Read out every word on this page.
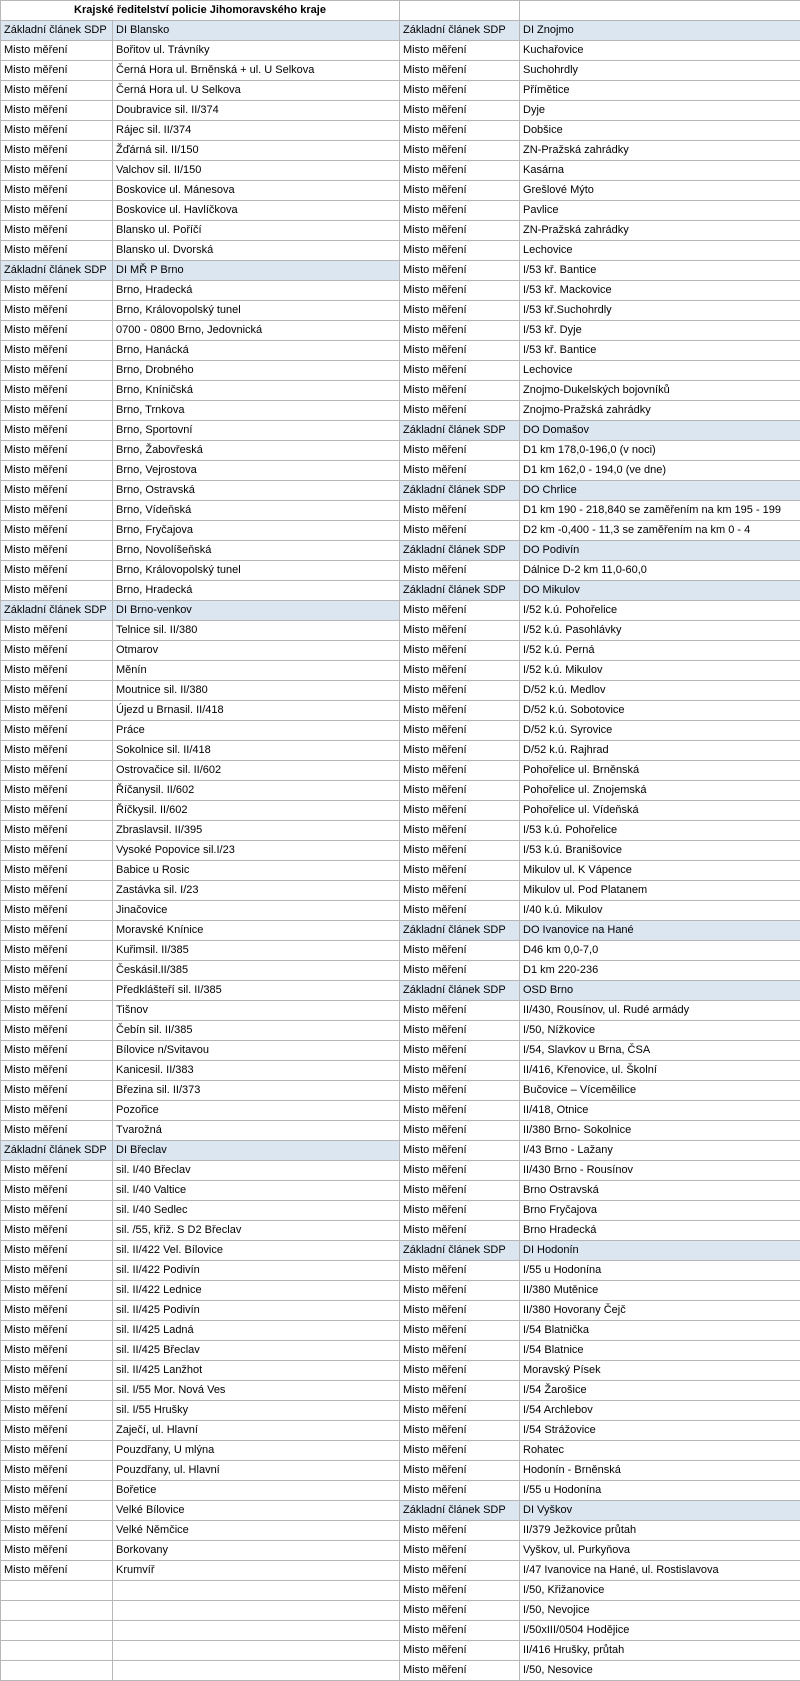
Krajské ředitelství policie Jihomoravského kraje			
Základní článek SDP	DI Blansko	Základní článek SDP	DI Znojmo
Misto měření	Bořitov ul. Trávníky	Misto měření	Kuchařovice
Misto měření	Černá Hora ul. Brněnská + ul. U Selkova	Misto měření	Suchohrdly
Misto měření	Černá Hora ul. U Selkova	Misto měření	Přímětice
Misto měření	Doubravice sil. II/374	Misto měření	Dyje
Misto měření	Rájec sil. II/374	Misto měření	Dobšice
Misto měření	Žďárná sil. II/150	Misto měření	ZN-Pražská zahrádky
Misto měření	Valchov sil. II/150	Misto měření	Kasárna
Misto měření	Boskovice ul. Mánesova	Misto měření	Grešlové Mýto
Misto měření	Boskovice ul. Havlíčkova	Misto měření	Pavlice
Misto měření	Blansko ul. Poříčí	Misto měření	ZN-Pražská zahrádky
Misto měření	Blansko ul. Dvorská	Misto měření	Lechovice
Základní článek SDP	DI MŘ P Brno	Misto měření	I/53 kř. Bantice
Misto měření	Brno, Hradecká	Misto měření	I/53 kř. Mackovice
Misto měření	Brno, Královopolský tunel	Misto měření	I/53 kř.Suchohrdly
Misto měření	0700 - 0800 Brno, Jedovnická	Misto měření	I/53 kř. Dyje
Misto měření	Brno, Hanácká	Misto měření	I/53 kř. Bantice
Misto měření	Brno, Drobného	Misto měření	Lechovice
Misto měření	Brno, Kníničská	Misto měření	Znojmo-Dukelských bojovníků
Misto měření	Brno, Trnkova	Misto měření	Znojmo-Pražská zahrádky
Misto měření	Brno, Sportovní	Základní článek SDP	DO Domašov
Misto měření	Brno, Žabovřeská	Misto měření	D1 km 178,0-196,0 (v noci)
Misto měření	Brno, Vejrostova	Misto měření	D1 km 162,0 - 194,0 (ve dne)
Misto měření	Brno, Ostravská	Základní článek SDP	DO Chrlice
Misto měření	Brno, Vídeňská	Misto měření	D1 km 190 - 218,840 se zaměřením na km 195 - 199
Misto měření	Brno, Fryčajova	Misto měření	D2 km -0,400 - 11,3 se zaměřením na km 0 - 4
Misto měření	Brno, Novolíšeňská	Základní článek SDP	DO Podivín
Misto měření	Brno, Královopolský tunel	Misto měření	Dálnice D-2 km 11,0-60,0
Misto měření	Brno, Hradecká	Základní článek SDP	DO Mikulov
Základní článek SDP	DI Brno-venkov	Misto měření	I/52 k.ú. Pohořelice
Misto měření	Telnice sil. II/380	Misto měření	I/52 k.ú. Pasohlávky
Misto měření	Otmarov	Misto měření	I/52 k.ú. Perná
Misto měření	Měnín	Misto měření	I/52 k.ú. Mikulov
Misto měření	Moutnice sil. II/380	Misto měření	D/52 k.ú. Medlov
Misto měření	Újezd u Brnasil. II/418	Misto měření	D/52 k.ú. Sobotovice
Misto měření	Práce	Misto měření	D/52 k.ú. Syrovice
Misto měření	Sokolnice sil. II/418	Misto měření	D/52 k.ú. Rajhrad
Misto měření	Ostrovačice sil. II/602	Misto měření	Pohořelice ul. Brněnská
Misto měření	Říčanysil. II/602	Misto měření	Pohořelice ul. Znojemská
Misto měření	Říčkysil. II/602	Misto měření	Pohořelice ul. Vídeňská
Misto měření	Zbraslavsil. II/395	Misto měření	I/53 k.ú. Pohořelice
Misto měření	Vysoké Popovice sil.I/23	Misto měření	I/53 k.ú. Branišovice
Misto měření	Babice u Rosic	Misto měření	Mikulov ul. K Vápence
Misto měření	Zastávka sil. I/23	Misto měření	Mikulov ul. Pod Platanem
Misto měření	Jinačovice	Misto měření	I/40 k.ú. Mikulov
Misto měření	Moravské Knínice	Základní článek SDP	DO Ivanovice na Hané
Misto měření	Kuřimsil. II/385	Misto měření	D46 km 0,0-7,0
Misto měření	Českásil.II/385	Misto měření	D1 km 220-236
Misto měření	Předklášteří sil. II/385	Základní článek SDP	OSD Brno
Misto měření	Tišnov	Misto měření	II/430, Rousínov, ul. Rudé armády
Misto měření	Čebín sil. II/385	Misto měření	I/50, Nížkovice
Misto měření	Bílovice n/Svitavou	Misto měření	I/54, Slavkov u Brna, ČSA
Misto měření	Kanicesil. II/383	Misto měření	II/416, Křenovice, ul. Školní
Misto měření	Březina sil. II/373	Misto měření	Bučovice – Víceměilice
Misto měření	Pozořice	Misto měření	II/418, Otnice
Misto měření	Tvarožná	Misto měření	II/380 Brno- Sokolnice
Základní článek SDP	DI Břeclav	Misto měření	I/43 Brno - Lažany
Misto měření	sil. I/40 Břeclav	Misto měření	II/430 Brno - Rousínov
Misto měření	sil. I/40 Valtice	Misto měření	Brno Ostravská
Misto měření	sil. I/40 Sedlec	Misto měření	Brno Fryčajova
Misto měření	sil. /55, křiž. S D2 Břeclav	Misto měření	Brno Hradecká
Misto měření	sil. II/422 Vel. Bílovice	Základní článek SDP	DI Hodonín
Misto měření	sil. II/422 Podivín	Misto měření	I/55 u Hodonína
Misto měření	sil. II/422 Lednice	Misto měření	II/380 Mutěnice
Misto měření	sil. II/425 Podivín	Misto měření	II/380 Hovorany Čejč
Misto měření	sil. II/425 Ladná	Misto měření	I/54 Blatnička
Misto měření	sil. II/425 Břeclav	Misto měření	I/54 Blatnice
Misto měření	sil. II/425 Lanžhot	Misto měření	Moravský Písek
Misto měření	sil. I/55 Mor. Nová Ves	Misto měření	I/54 Žarošice
Misto měření	sil. I/55 Hrušky	Misto měření	I/54 Archlebov
Misto měření	Zaječí, ul. Hlavní	Misto měření	I/54 Strážovice
Misto měření	Pouzdřany, U mlýna	Misto měření	Rohatec
Misto měření	Pouzdřany, ul. Hlavní	Misto měření	Hodonín - Brněnská
Misto měření	Bořetice	Misto měření	I/55 u Hodonína
Misto měření	Velké Bílovice	Základní článek SDP	DI Vyškov
Misto měření	Velké Němčice	Misto měření	II/379 Ježkovice průtah
Misto měření	Borkovany	Misto měření	Vyškov, ul. Purkyňova
Misto měření	Krumvíř	Misto měření	I/47 Ivanovice na Hané, ul. Rostislavova
		Misto měření	I/50, Křižanovice
		Misto měření	I/50, Nevojice
		Misto měření	I/50xIII/0504 Hodějice
		Misto měření	II/416 Hrušky, průtah
		Misto měření	I/50, Nesovice
